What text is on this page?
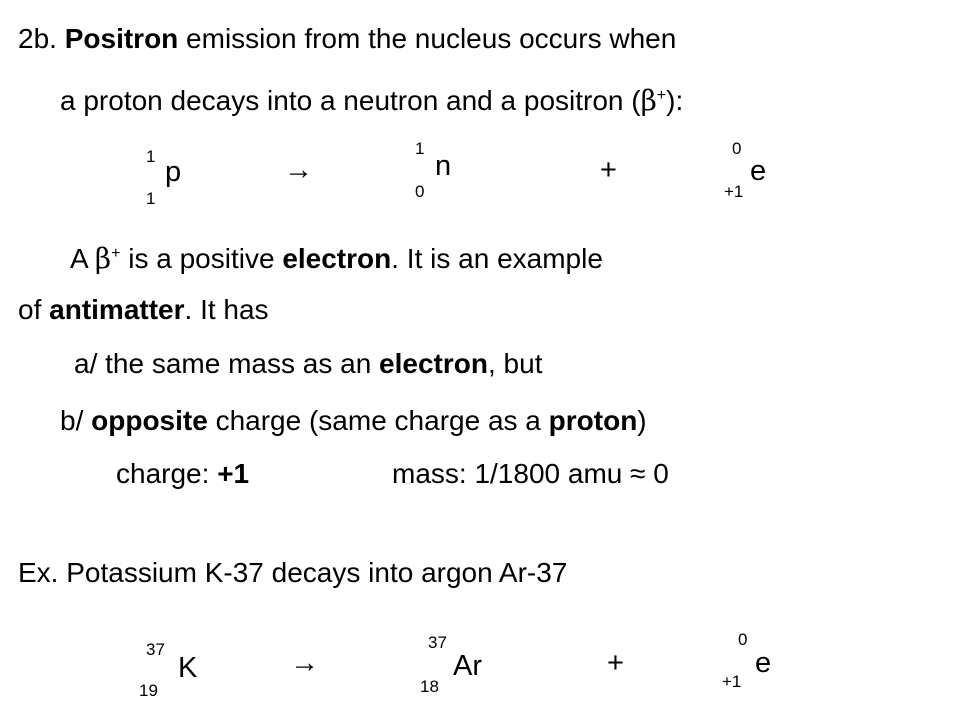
2b. Positron emission from the nucleus occurs when
a proton decays into a neutron and a positron (β+):
1 p
1
→
1
n
0
+
0
e
+1
A β+ is a positive electron. It is an example
of antimatter. It has
a/ the same mass as an electron, but
b/ opposite charge (same charge as a proton)
charge: +1	mass: 1/1800 amu ≈ 0
Ex. Potassium K-37 decays into argon Ar-37
37
K
19
→
37
Ar
18
+
0
e
+1
